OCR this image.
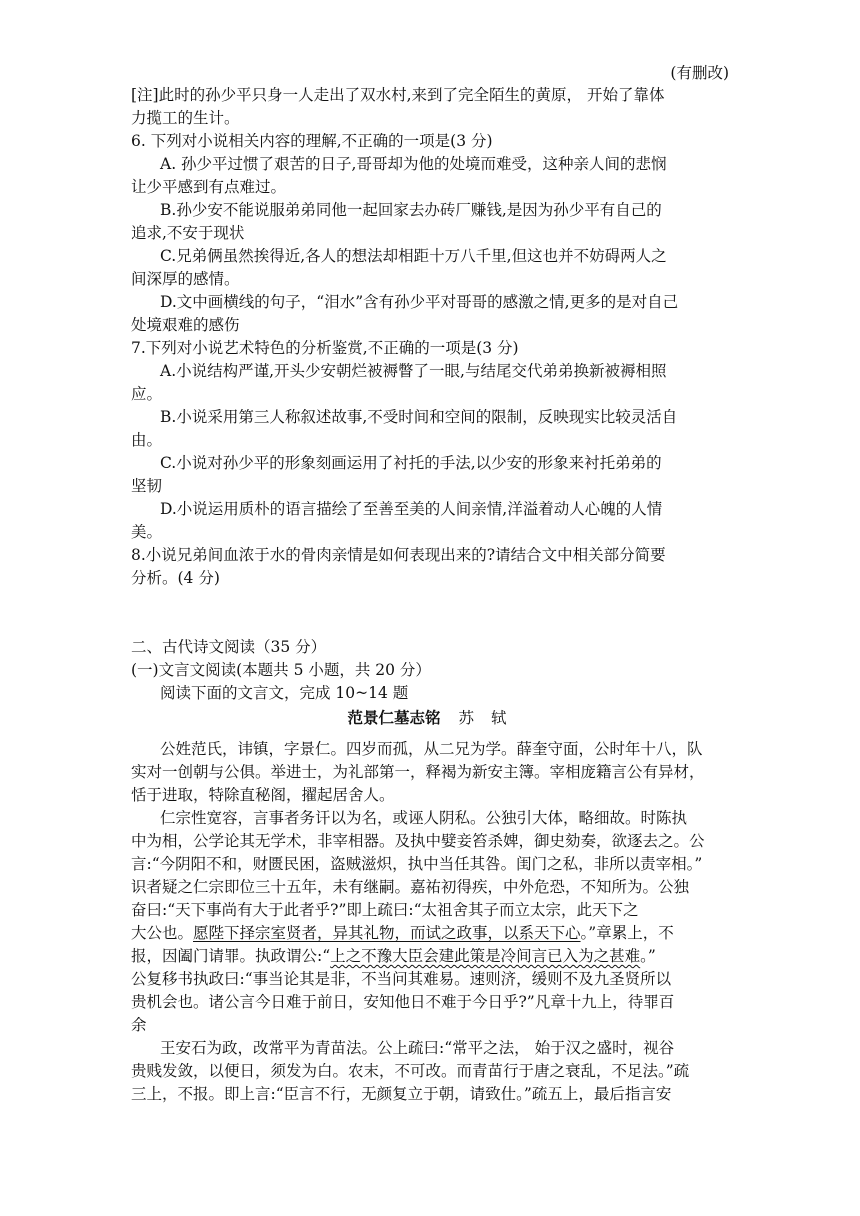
(有删改)
[注]此时的孙少平只身一人走出了双水村,来到了完全陌生的黄原， 开始了靠体
力揽工的生计。
6. 下列对小说相关内容的理解,不正确的一项是(3 分)
A. 孙少平过惯了艰苦的日子,哥哥却为他的处境而难受，这种亲人间的悲悯
让少平感到有点难过。
B.孙少安不能说服弟弟同他一起回家去办砖厂赚钱,是因为孙少平有自己的
追求,不安于现状
C.兄弟俩虽然挨得近,各人的想法却相距十万八千里,但这也并不妨碍两人之
间深厚的感情。
D.文中画横线的句子，“泪水”含有孙少平对哥哥的感激之情,更多的是对自己
处境艰难的感伤
7.下列对小说艺术特色的分析鉴赏,不正确的一项是(3 分)
A.小说结构严谨,开头少安朝烂被褥瞥了一眼,与结尾交代弟弟换新被褥相照
应。
B.小说采用第三人称叙述故事,不受时间和空间的限制，反映现实比较灵活自
由。
C.小说对孙少平的形象刻画运用了衬托的手法,以少安的形象来衬托弟弟的
坚韧
D.小说运用质朴的语言描绘了至善至美的人间亲情,洋溢着动人心魄的人情
美。
8.小说兄弟间血浓于水的骨肉亲情是如何表现出来的?请结合文中相关部分简要
分析。(4 分)
二、古代诗文阅读（35 分）
(一)文言文阅读(本题共 5 小题，共 20 分）
阅读下面的文言文，完成 10~14 题
范景仁墓志铭 苏 轼
公姓范氏，讳镇，字景仁。四岁而孤，从二兄为学。薛奎守面，公时年十八，队
实对一创朝与公俱。举进士，为礼部第一，释褐为新安主簿。宰相庞籍言公有异材，
恬于进取，特除直秘阁，擢起居舍人。
仁宗性宽容，言事者务讦以为名，或诬人阴私。公独引大体，略细故。时陈执
中为相，公学论其无学术，非宰相器。及执中嬖妾笞杀婢，御史劾奏，欲逐去之。公
言:“今阴阳不和，财匮民困，盗贼滋炽，执中当任其咎。闺门之私，非所以责宰相。”
识者疑之仁宗即位三十五年，未有继嗣。嘉祐初得疾，中外危恐，不知所为。公独
奋曰:“天下事尚有大于此者乎?”即上疏曰:“太祖舍其子而立太宗，此天下之
大公也。愿陛下择宗室贤者，异其礼物，而试之政事，以系天下心。”章累上，不
报，因阖门请罪。执政谓公:“上之不豫大臣会建此策是冷间言已入为之甚难。”
公复移书执政曰:“事当论其是非，不当问其难易。速则济，缓则不及九圣贤所以
贵机会也。诸公言今日难于前日，安知他日不难于今日乎?”凡章十九上，待罪百
余
王安石为政，改常平为青苗法。公上疏曰:“常平之法， 始于汉之盛时，视谷
贵贱发敛，以便日，须发为白。农末，不可改。而青苗行于唐之衰乱，不足法。”疏
三上，不报。即上言:“臣言不行，无颜复立于朝，请致仕。”疏五上，最后指言安
